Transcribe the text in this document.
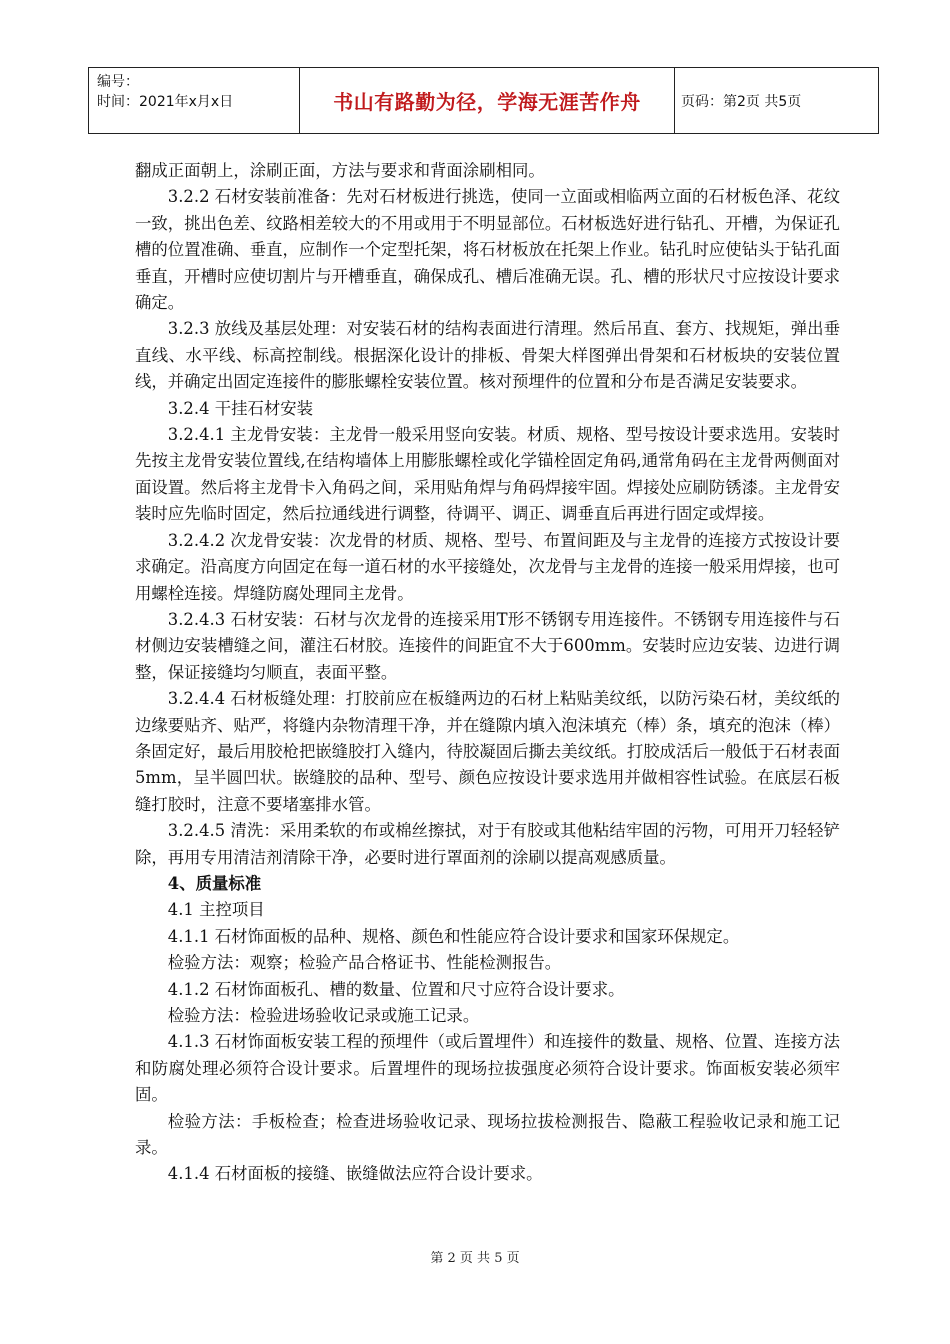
编号：
时间：2021年x月x日	书山有路勤为径，学海无涯苦作舟	页码：第2页 共5页

翻成正面朝上，涂刷正面，方法与要求和背面涂刷相同。

3.2.2 石材安装前准备：先对石材板进行挑选，使同一立面或相临两立面的石材板色泽、花纹一致，挑出色差、纹路相差较大的不用或用于不明显部位。石材板选好进行钻孔、开槽，为保证孔槽的位置准确、垂直，应制作一个定型托架，将石材板放在托架上作业。钻孔时应使钻头于钻孔面垂直，开槽时应使切割片与开槽垂直，确保成孔、槽后准确无误。孔、槽的形状尺寸应按设计要求确定。

3.2.3 放线及基层处理：对安装石材的结构表面进行清理。然后吊直、套方、找规矩，弹出垂直线、水平线、标高控制线。根据深化设计的排板、骨架大样图弹出骨架和石材板块的安装位置线，并确定出固定连接件的膨胀螺栓安装位置。核对预埋件的位置和分布是否满足安装要求。

3.2.4 干挂石材安装

3.2.4.1 主龙骨安装：主龙骨一般采用竖向安装。材质、规格、型号按设计要求选用。安装时先按主龙骨安装位置线,在结构墙体上用膨胀螺栓或化学锚栓固定角码,通常角码在主龙骨两侧面对面设置。然后将主龙骨卡入角码之间，采用贴角焊与角码焊接牢固。焊接处应刷防锈漆。主龙骨安装时应先临时固定，然后拉通线进行调整，待调平、调正、调垂直后再进行固定或焊接。

3.2.4.2 次龙骨安装：次龙骨的材质、规格、型号、布置间距及与主龙骨的连接方式按设计要求确定。沿高度方向固定在每一道石材的水平接缝处，次龙骨与主龙骨的连接一般采用焊接，也可用螺栓连接。焊缝防腐处理同主龙骨。

3.2.4.3 石材安装：石材与次龙骨的连接采用T形不锈钢专用连接件。不锈钢专用连接件与石材侧边安装槽缝之间，灌注石材胶。连接件的间距宜不大于600mm。安装时应边安装、边进行调整，保证接缝均匀顺直，表面平整。

3.2.4.4 石材板缝处理：打胶前应在板缝两边的石材上粘贴美纹纸，以防污染石材，美纹纸的边缘要贴齐、贴严，将缝内杂物清理干净，并在缝隙内填入泡沫填充（棒）条，填充的泡沫（棒）条固定好，最后用胶枪把嵌缝胶打入缝内，待胶凝固后撕去美纹纸。打胶成活后一般低于石材表面5mm，呈半圆凹状。嵌缝胶的品种、型号、颜色应按设计要求选用并做相容性试验。在底层石板缝打胶时，注意不要堵塞排水管。

3.2.4.5 清洗：采用柔软的布或棉丝擦拭，对于有胶或其他粘结牢固的污物，可用开刀轻轻铲除，再用专用清洁剂清除干净，必要时进行罩面剂的涂刷以提高观感质量。

4、质量标准

4.1 主控项目

4.1.1 石材饰面板的品种、规格、颜色和性能应符合设计要求和国家环保规定。

检验方法：观察；检验产品合格证书、性能检测报告。

4.1.2 石材饰面板孔、槽的数量、位置和尺寸应符合设计要求。

检验方法：检验进场验收记录或施工记录。

4.1.3 石材饰面板安装工程的预埋件（或后置埋件）和连接件的数量、规格、位置、连接方法和防腐处理必须符合设计要求。后置埋件的现场拉拔强度必须符合设计要求。饰面板安装必须牢固。

检验方法：手板检查；检查进场验收记录、现场拉拔检测报告、隐蔽工程验收记录和施工记录。

4.1.4 石材面板的接缝、嵌缝做法应符合设计要求。

第 2 页 共 5 页
